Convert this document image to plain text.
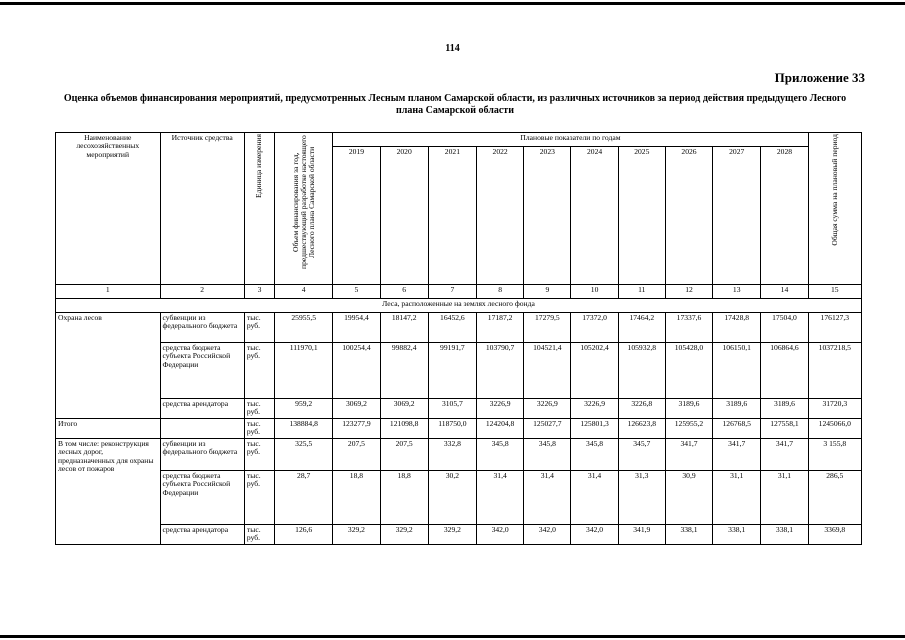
114
Приложение 33
Оценка объемов финансирования мероприятий, предусмотренных Лесным планом Самарской области, из различных источников за период действия предыдущего Лесного плана Самарской области
Наименование лесохозяйственных мероприятий	Источник средства	Единица измерения	Объем финансирования за год, предшествующий разработке настоящего Лесного плана Самарской области	Плановые показатели по годам										Общая сумма на плановый период

				2019	2020	2021	2022	2023	2024	2025	2026	2027	2028	
1	2	3	4	5	6	7	8	9	10	11	12	13	14	15
Леса, расположенные на землях лесного фонда														
Охрана лесов	субвенции из федерального бюджета	тыс. руб.	25955,5	19954,4	18147,2	16452,6	17187,2	17279,5	17372,0	17464,2	17337,6	17428,8	17504,0	176127,3
	средства бюджета субъекта Российской Федерации	тыс. руб.	111970,1	100254,4	99882,4	99191,7	103790,7	104521,4	105202,4	105932,8	105428,0	106150,1	106864,6	1037218,5
	средства арендатора	тыс. руб.	959,2	3069,2	3069,2	3105,7	3226,9	3226,9	3226,9	3226,8	3189,6	3189,6	3189,6	31720,3
Итого		тыс. руб.	138884,8	123277,9	121098,8	118750,0	124204,8	125027,7	125801,3	126623,8	125955,2	126768,5	127558,1	1245066,0
В том числе: реконструкция лесных дорог, предназначенных для охраны лесов от пожаров	субвенции из федерального бюджета	тыс. руб.	325,5	207,5	207,5	332,8	345,8	345,8	345,8	345,7	341,7	341,7	341,7	3 155,8
	средства бюджета субъекта Российской Федерации	тыс. руб.	28,7	18,8	18,8	30,2	31,4	31,4	31,4	31,3	30,9	31,1	31,1	286,5
	средства арендатора	тыс. руб.	126,6	329,2	329,2	329,2	342,0	342,0	342,0	341,9	338,1	338,1	338,1	3369,8
